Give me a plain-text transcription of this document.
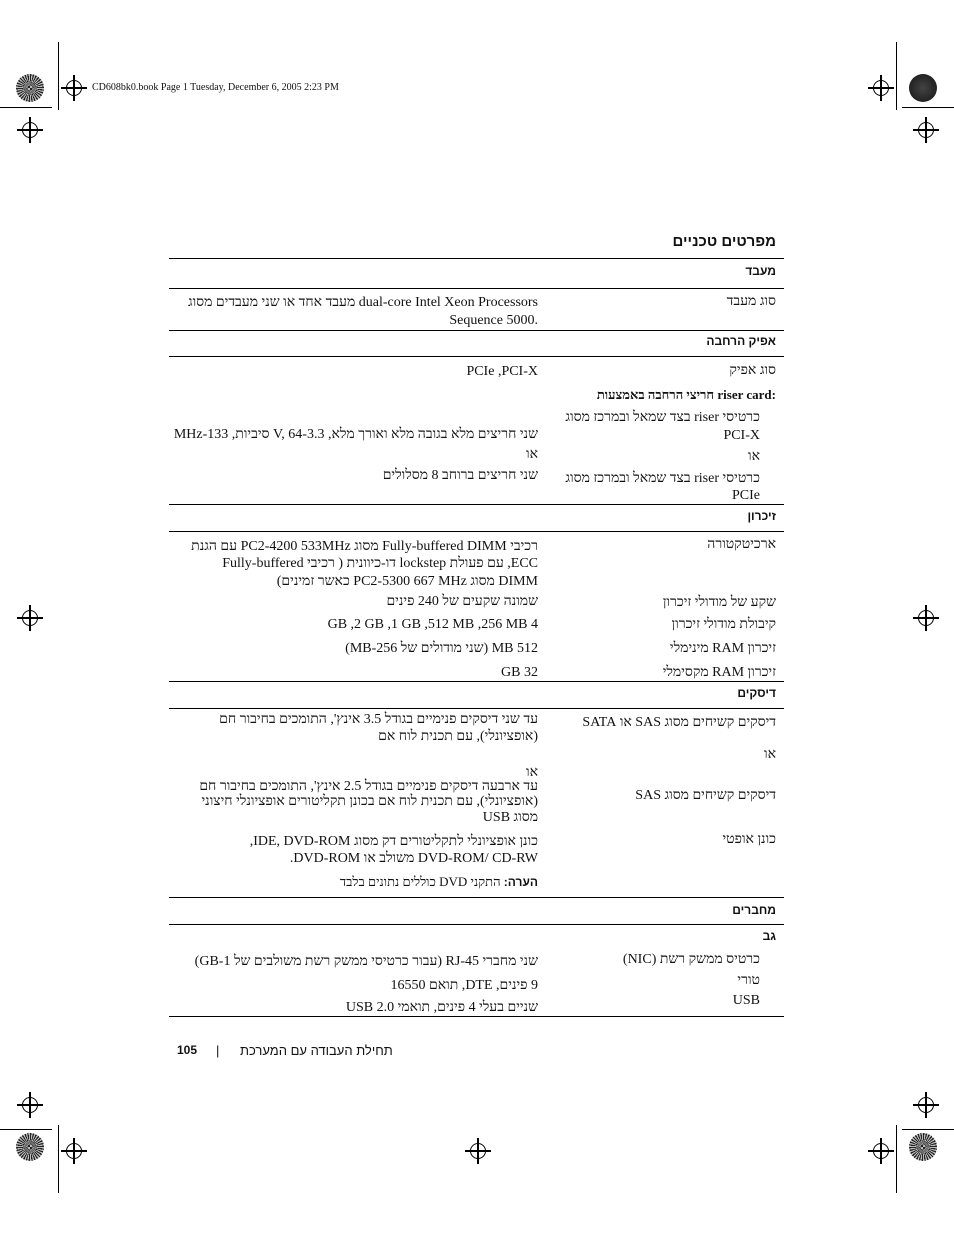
CD608bk0.book Page 1 Tuesday, December 6, 2005 2:23 PM
מפרטים טכניים
מעבד
סוג מעבד
dual-core Intel Xeon Processors מעבד אחד או שני מעבדים מסוג
.5000 Sequence
אפיק הרחבה
סוג אפיק
PCIe ,PCI-X
:riser card חריצי הרחבה באמצעות
כרטיסי riser בצד שמאל ובמרכז מסוג
PCI-X
שני חריצים מלא בגובה מלא ואורך מלא, 3.3-V, 64 סיביות, 133-MHz
או
או
כרטיסי riser בצד שמאל ובמרכז מסוג
PCIe
שני חריצים ברוחב 8 מסלולים
זיכרון
ארכיטקטורה
רכיבי Fully-buffered DIMM מסוג PC2-4200 533MHz עם הגנת
ECC, עם פעולת lockstep דו-כיוונית ( רכיבי Fully-buffered
DIMM מסוג PC2-5300 667 MHz כאשר זמינים)
שקע של מודולי זיכרון
שמונה שקעים של 240 פינים
קיבולת מודולי זיכרון
4 GB ,2 GB ,1 GB ,512 MB ,256 MB
זיכרון RAM מינימלי
512 MB (שני מודולים של 256-MB)
זיכרון RAM מקסימלי
32 GB
דיסקים
דיסקים קשיחים מסוג SAS או SATA
עד שני דיסקים פנימיים בגודל 3.5 אינץ', התומכים בחיבור חם
(אופציונלי), עם תכנית לוח אם
או
או
דיסקים קשיחים מסוג SAS
עד ארבעה דיסקים פנימיים בגודל 2.5 אינץ', התומכים בחיבור חם
(אופציונלי), עם תכנית לוח אם בכונן תקליטורים אופציונלי חיצוני
מסוג USB
כונן אופטי
כונן אופציונלי לתקליטורים דק מסוג IDE, DVD-ROM,
DVD-ROM/ CD-RW משולב או DVD-ROM.
הערה: התקני DVD כוללים נתונים בלבד
מחברים
גב
כרטיס ממשק רשת (NIC)
שני מחברי RJ-45 (עבור כרטיסי ממשק רשת משולבים של 1-GB)
טורי
9 פינים, DTE, תואם 16550
USB
שניים בעלי 4 פינים, תואמי USB 2.0
105 | תחילת העבודה עם המערכת
